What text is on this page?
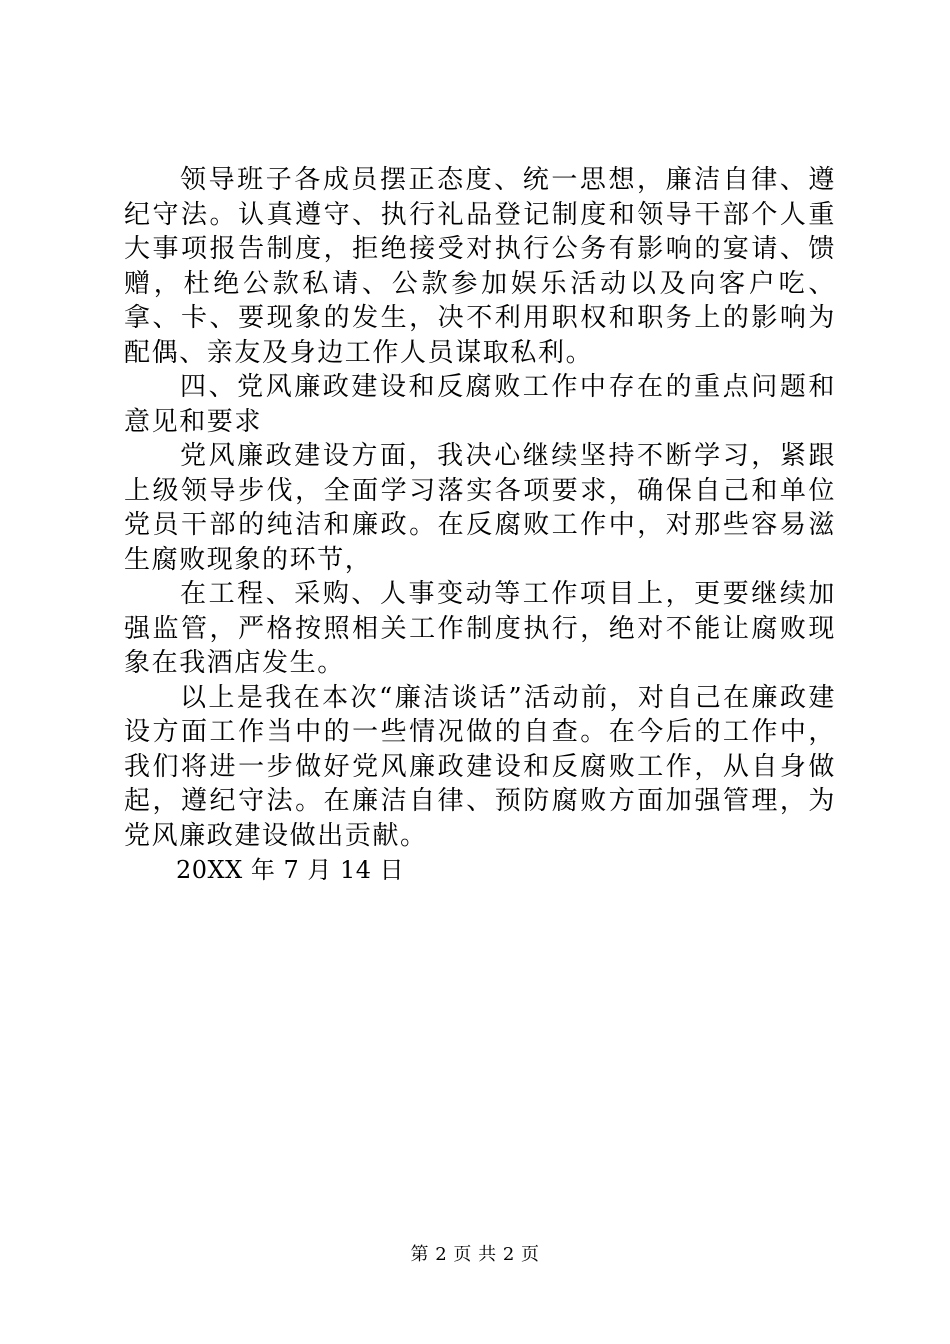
领导班子各成员摆正态度、统一思想，廉洁自律、遵纪守法。认真遵守、执行礼品登记制度和领导干部个人重大事项报告制度，拒绝接受对执行公务有影响的宴请、馈赠，杜绝公款私请、公款参加娱乐活动以及向客户吃、拿、卡、要现象的发生，决不利用职权和职务上的影响为配偶、亲友及身边工作人员谋取私利。

四、党风廉政建设和反腐败工作中存在的重点问题和意见和要求

党风廉政建设方面，我决心继续坚持不断学习，紧跟上级领导步伐，全面学习落实各项要求，确保自己和单位党员干部的纯洁和廉政。在反腐败工作中，对那些容易滋生腐败现象的环节，

在工程、采购、人事变动等工作项目上，更要继续加强监管，严格按照相关工作制度执行，绝对不能让腐败现象在我酒店发生。

以上是我在本次“廉洁谈话”活动前，对自己在廉政建设方面工作当中的一些情况做的自查。在今后的工作中，我们将进一步做好党风廉政建设和反腐败工作，从自身做起，遵纪守法。在廉洁自律、预防腐败方面加强管理，为党风廉政建设做出贡献。

20XX 年 7 月 14 日

第 2 页 共 2 页
